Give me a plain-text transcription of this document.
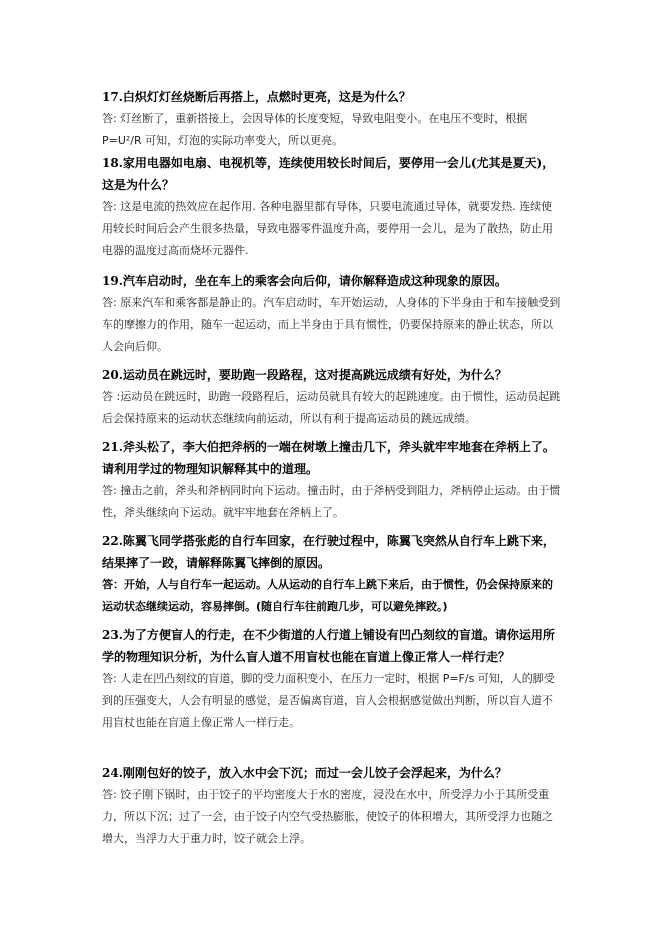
17.白炽灯灯丝烧断后再搭上，点燃时更亮，这是为什么？

答: 灯丝断了，重新搭接上，会因导体的长度变短，导致电阻变小。在电压不变时，根据 P=U²/R 可知，灯泡的实际功率变大，所以更亮。

18.家用电器如电扇、电视机等，连续使用较长时间后，要停用一会儿(尤其是夏天)，这是为什么？

答: 这是电流的热效应在起作用. 各种电器里都有导体，只要电流通过导体，就要发热. 连续使用较长时间后会产生很多热量，导致电器零件温度升高，要停用一会儿，是为了散热，防止用电器的温度过高而烧坏元器件.

19.汽车启动时，坐在车上的乘客会向后仰，请你解释造成这种现象的原因。

答: 原来汽车和乘客都是静止的。汽车启动时，车开始运动，人身体的下半身由于和车接触受到车的摩擦力的作用，随车一起运动，而上半身由于具有惯性，仍要保持原来的静止状态，所以人会向后仰。

20.运动员在跳远时，要助跑一段路程，这对提高跳远成绩有好处，为什么？

答 :运动员在跳远时，助跑一段路程后，运动员就具有较大的起跳速度。由于惯性，运动员起跳后会保持原来的运动状态继续向前运动，所以有利于提高运动员的跳远成绩。

21.斧头松了，李大伯把斧柄的一端在树墩上撞击几下，斧头就牢牢地套在斧柄上了。请利用学过的物理知识解释其中的道理。

答: 撞击之前，斧头和斧柄同时向下运动。撞击时，由于斧柄受到阻力，斧柄停止运动。由于惯性，斧头继续向下运动。就牢牢地套在斧柄上了。

22.陈翼飞同学搭张彪的自行车回家，在行驶过程中，陈翼飞突然从自行车上跳下来，结果摔了一跤，请解释陈翼飞摔倒的原因。

答：开始，人与自行车一起运动。人从运动的自行车上跳下来后，由于惯性，仍会保持原来的运动状态继续运动，容易摔倒。(随自行车往前跑几步，可以避免摔跤。)

23.为了方便盲人的行走，在不少街道的人行道上铺设有凹凸刻纹的盲道。请你运用所学的物理知识分析，为什么盲人道不用盲杖也能在盲道上像正常人一样行走？

答: 人走在凹凸刻纹的盲道，脚的受力面积变小，在压力一定时，根据 P=F/s 可知，人的脚受到的压强变大，人会有明显的感觉，是否偏离盲道，盲人会根据感觉做出判断，所以盲人道不用盲杖也能在盲道上像正常人一样行走。

24.刚刚包好的饺子，放入水中会下沉；而过一会儿饺子会浮起来，为什么？

答: 饺子刚下锅时，由于饺子的平均密度大于水的密度，浸没在水中，所受浮力小于其所受重力，所以下沉；过了一会，由于饺子内空气受热膨胀，使饺子的体积增大，其所受浮力也随之增大，当浮力大于重力时，饺子就会上浮。
